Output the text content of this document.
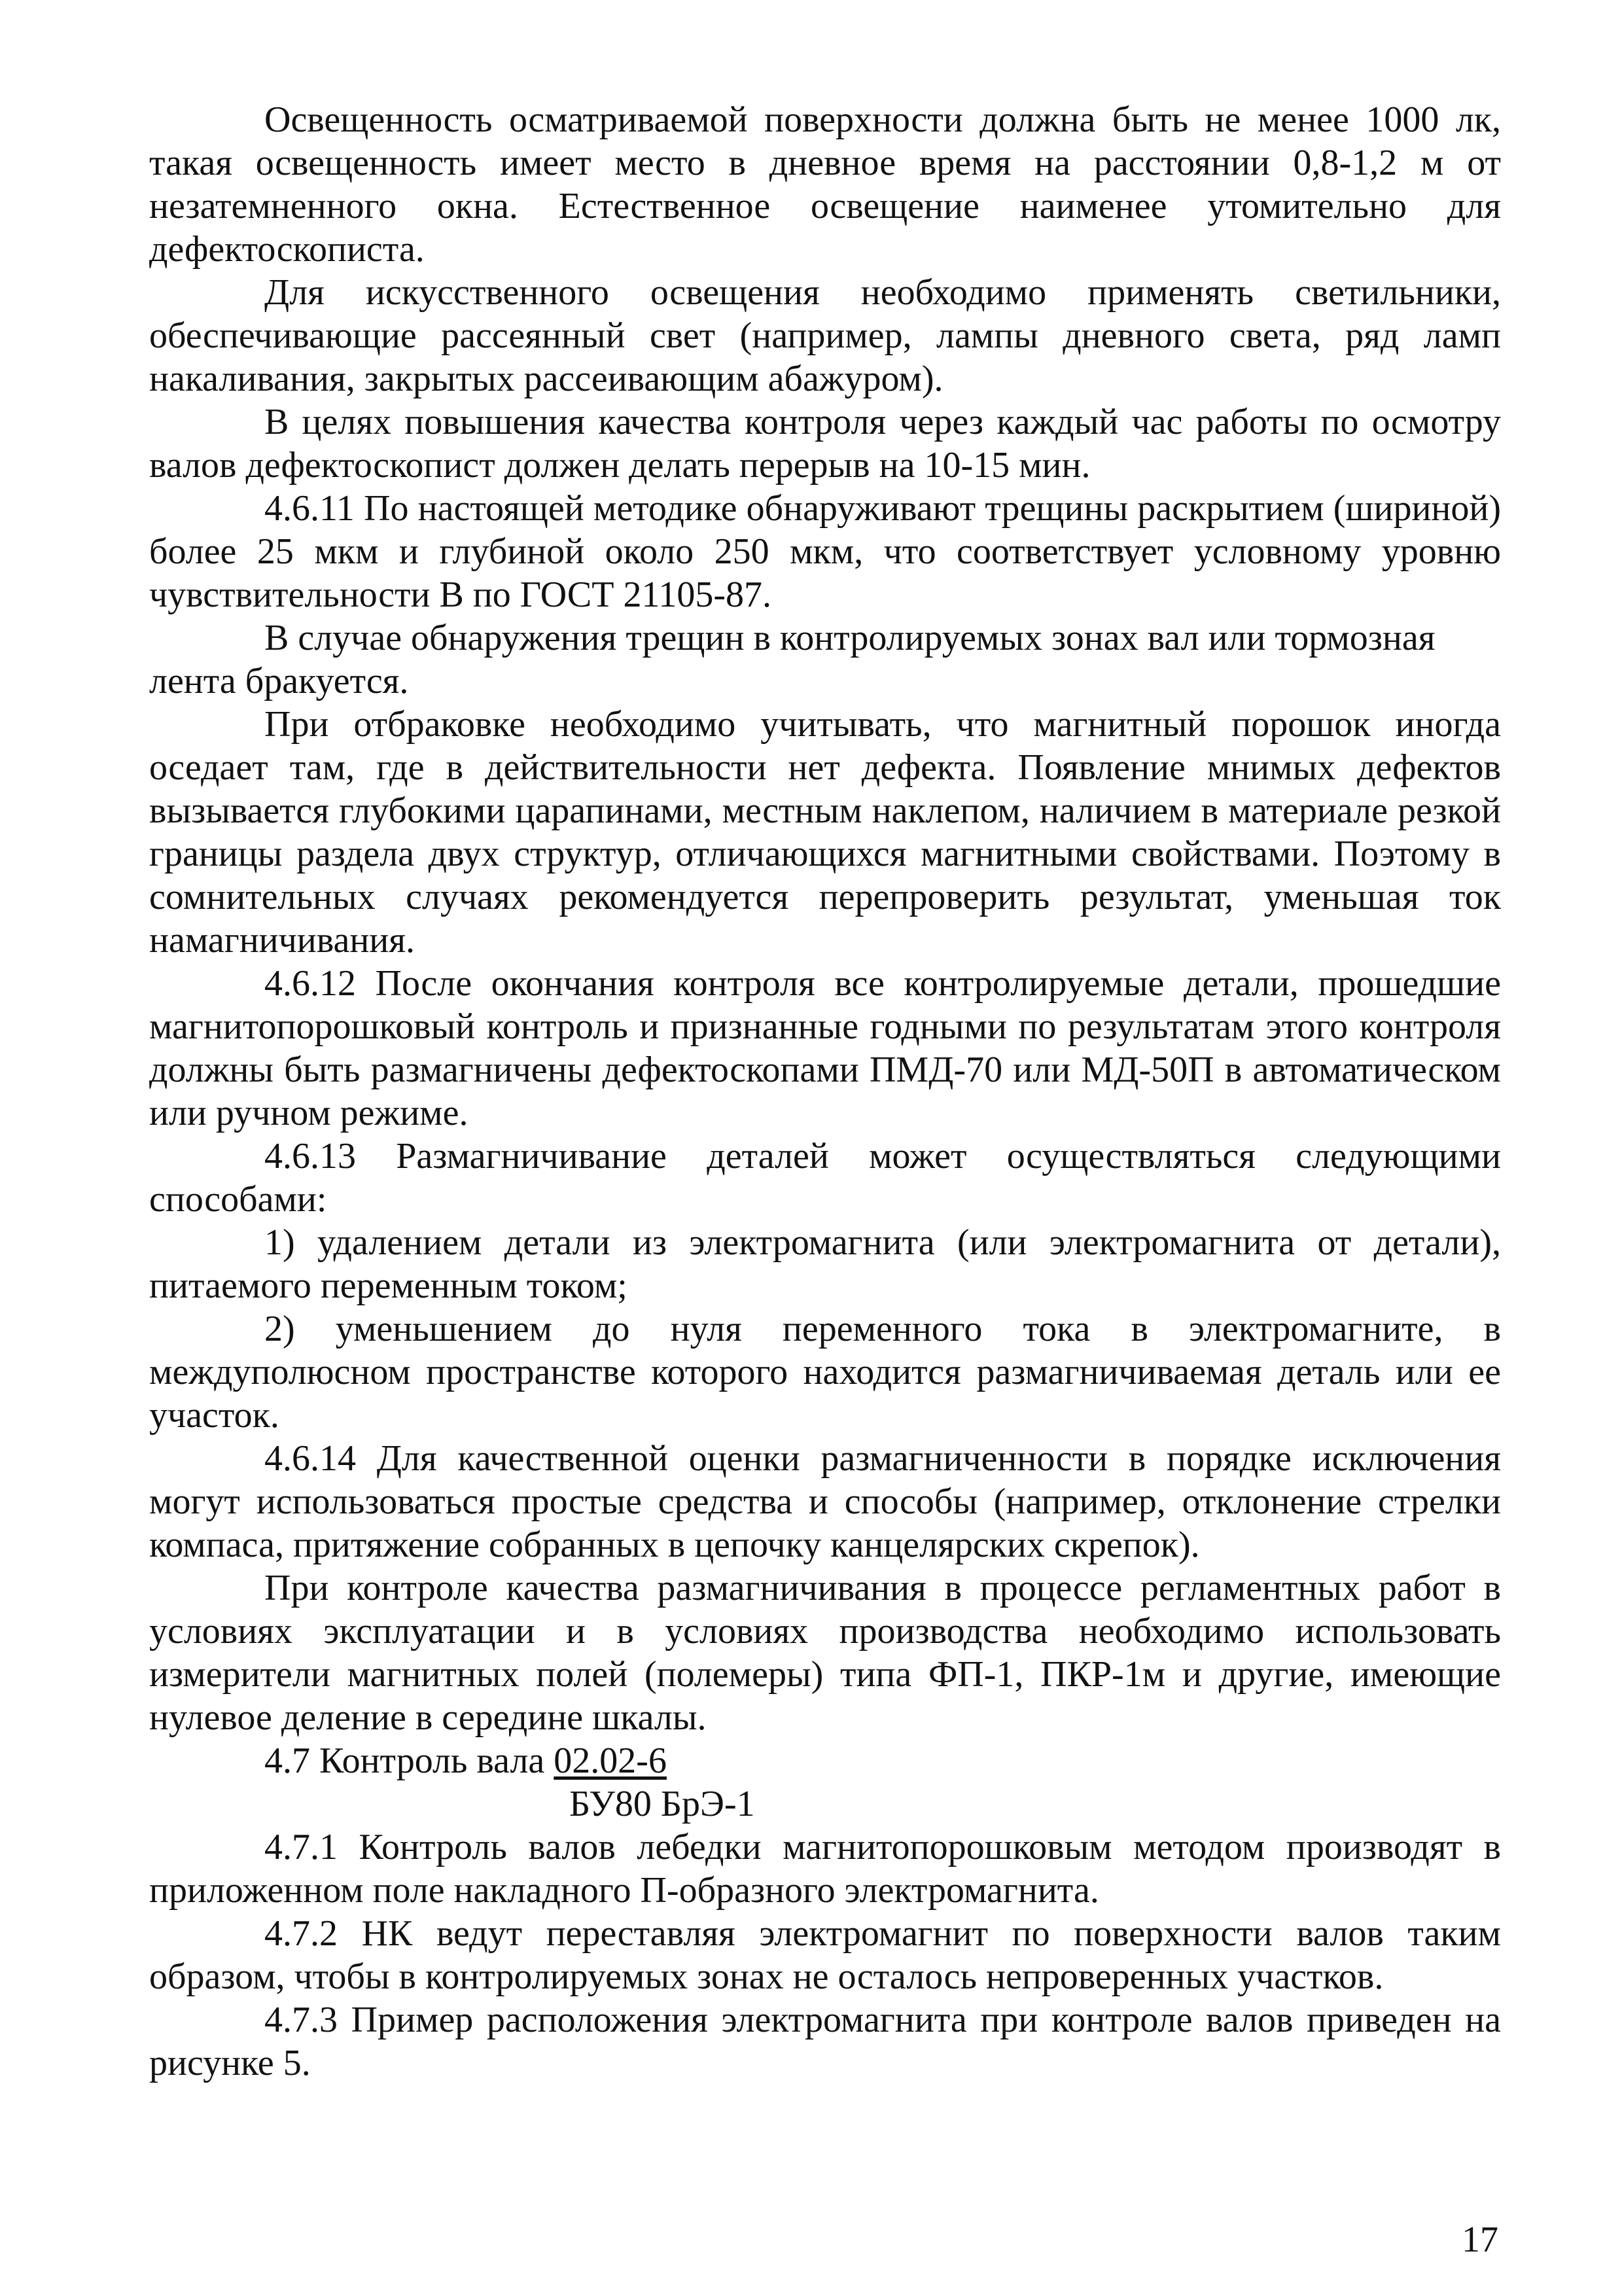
Освещенность осматриваемой поверхности должна быть не менее 1000 лк, такая освещенность имеет место в дневное время на расстоянии 0,8-1,2 м от незатемненного окна. Естественное освещение наименее утомительно для дефектоскописта.

Для искусственного освещения необходимо применять светильники, обеспечивающие рассеянный свет (например, лампы дневного света, ряд ламп накаливания, закрытых рассеивающим абажуром).

В целях повышения качества контроля через каждый час работы по осмотру валов дефектоскопист должен делать перерыв на 10-15 мин.

4.6.11 По настоящей методике обнаруживают трещины раскрытием (шириной) более 25 мкм и глубиной около 250 мкм, что соответствует условному уровню чувствительности В по ГОСТ 21105-87.

В случае обнаружения трещин в контролируемых зонах вал или тормозная лента бракуется.

При отбраковке необходимо учитывать, что магнитный порошок иногда оседает там, где в действительности нет дефекта. Появление мнимых дефектов вызывается глубокими царапинами, местным наклепом, наличием в материале резкой границы раздела двух структур, отличающихся магнитными свойствами. Поэтому в сомнительных случаях рекомендуется перепроверить результат, уменьшая ток намагничивания.

4.6.12 После окончания контроля все контролируемые детали, прошедшие магнитопорошковый контроль и признанные годными по результатам этого контроля должны быть размагничены дефектоскопами ПМД-70 или МД-50П в автоматическом или ручном режиме.

4.6.13 Размагничивание деталей может осуществляться следующими способами:

1) удалением детали из электромагнита (или электромагнита от детали), питаемого переменным током;

2) уменьшением до нуля переменного тока в электромагните, в междуполюсном пространстве которого находится размагничиваемая деталь или ее участок.

4.6.14 Для качественной оценки размагниченности в порядке исключения могут использоваться простые средства и способы (например, отклонение стрелки компаса, притяжение собранных в цепочку канцелярских скрепок).

При контроле качества размагничивания в процессе регламентных работ в условиях эксплуатации и в условиях производства необходимо использовать измерители магнитных полей (полемеры) типа ФП-1, ПКР-1м и другие, имеющие нулевое деление в середине шкалы.

4.7 Контроль вала 02.02-6

БУ80 БрЭ-1

4.7.1 Контроль валов лебедки магнитопорошковым методом производят в приложенном поле накладного П-образного электромагнита.

4.7.2 НК ведут переставляя электромагнит по поверхности валов таким образом, чтобы в контролируемых зонах не осталось непроверенных участков.

4.7.3 Пример расположения электромагнита при контроле валов приведен на рисунке 5.

17
